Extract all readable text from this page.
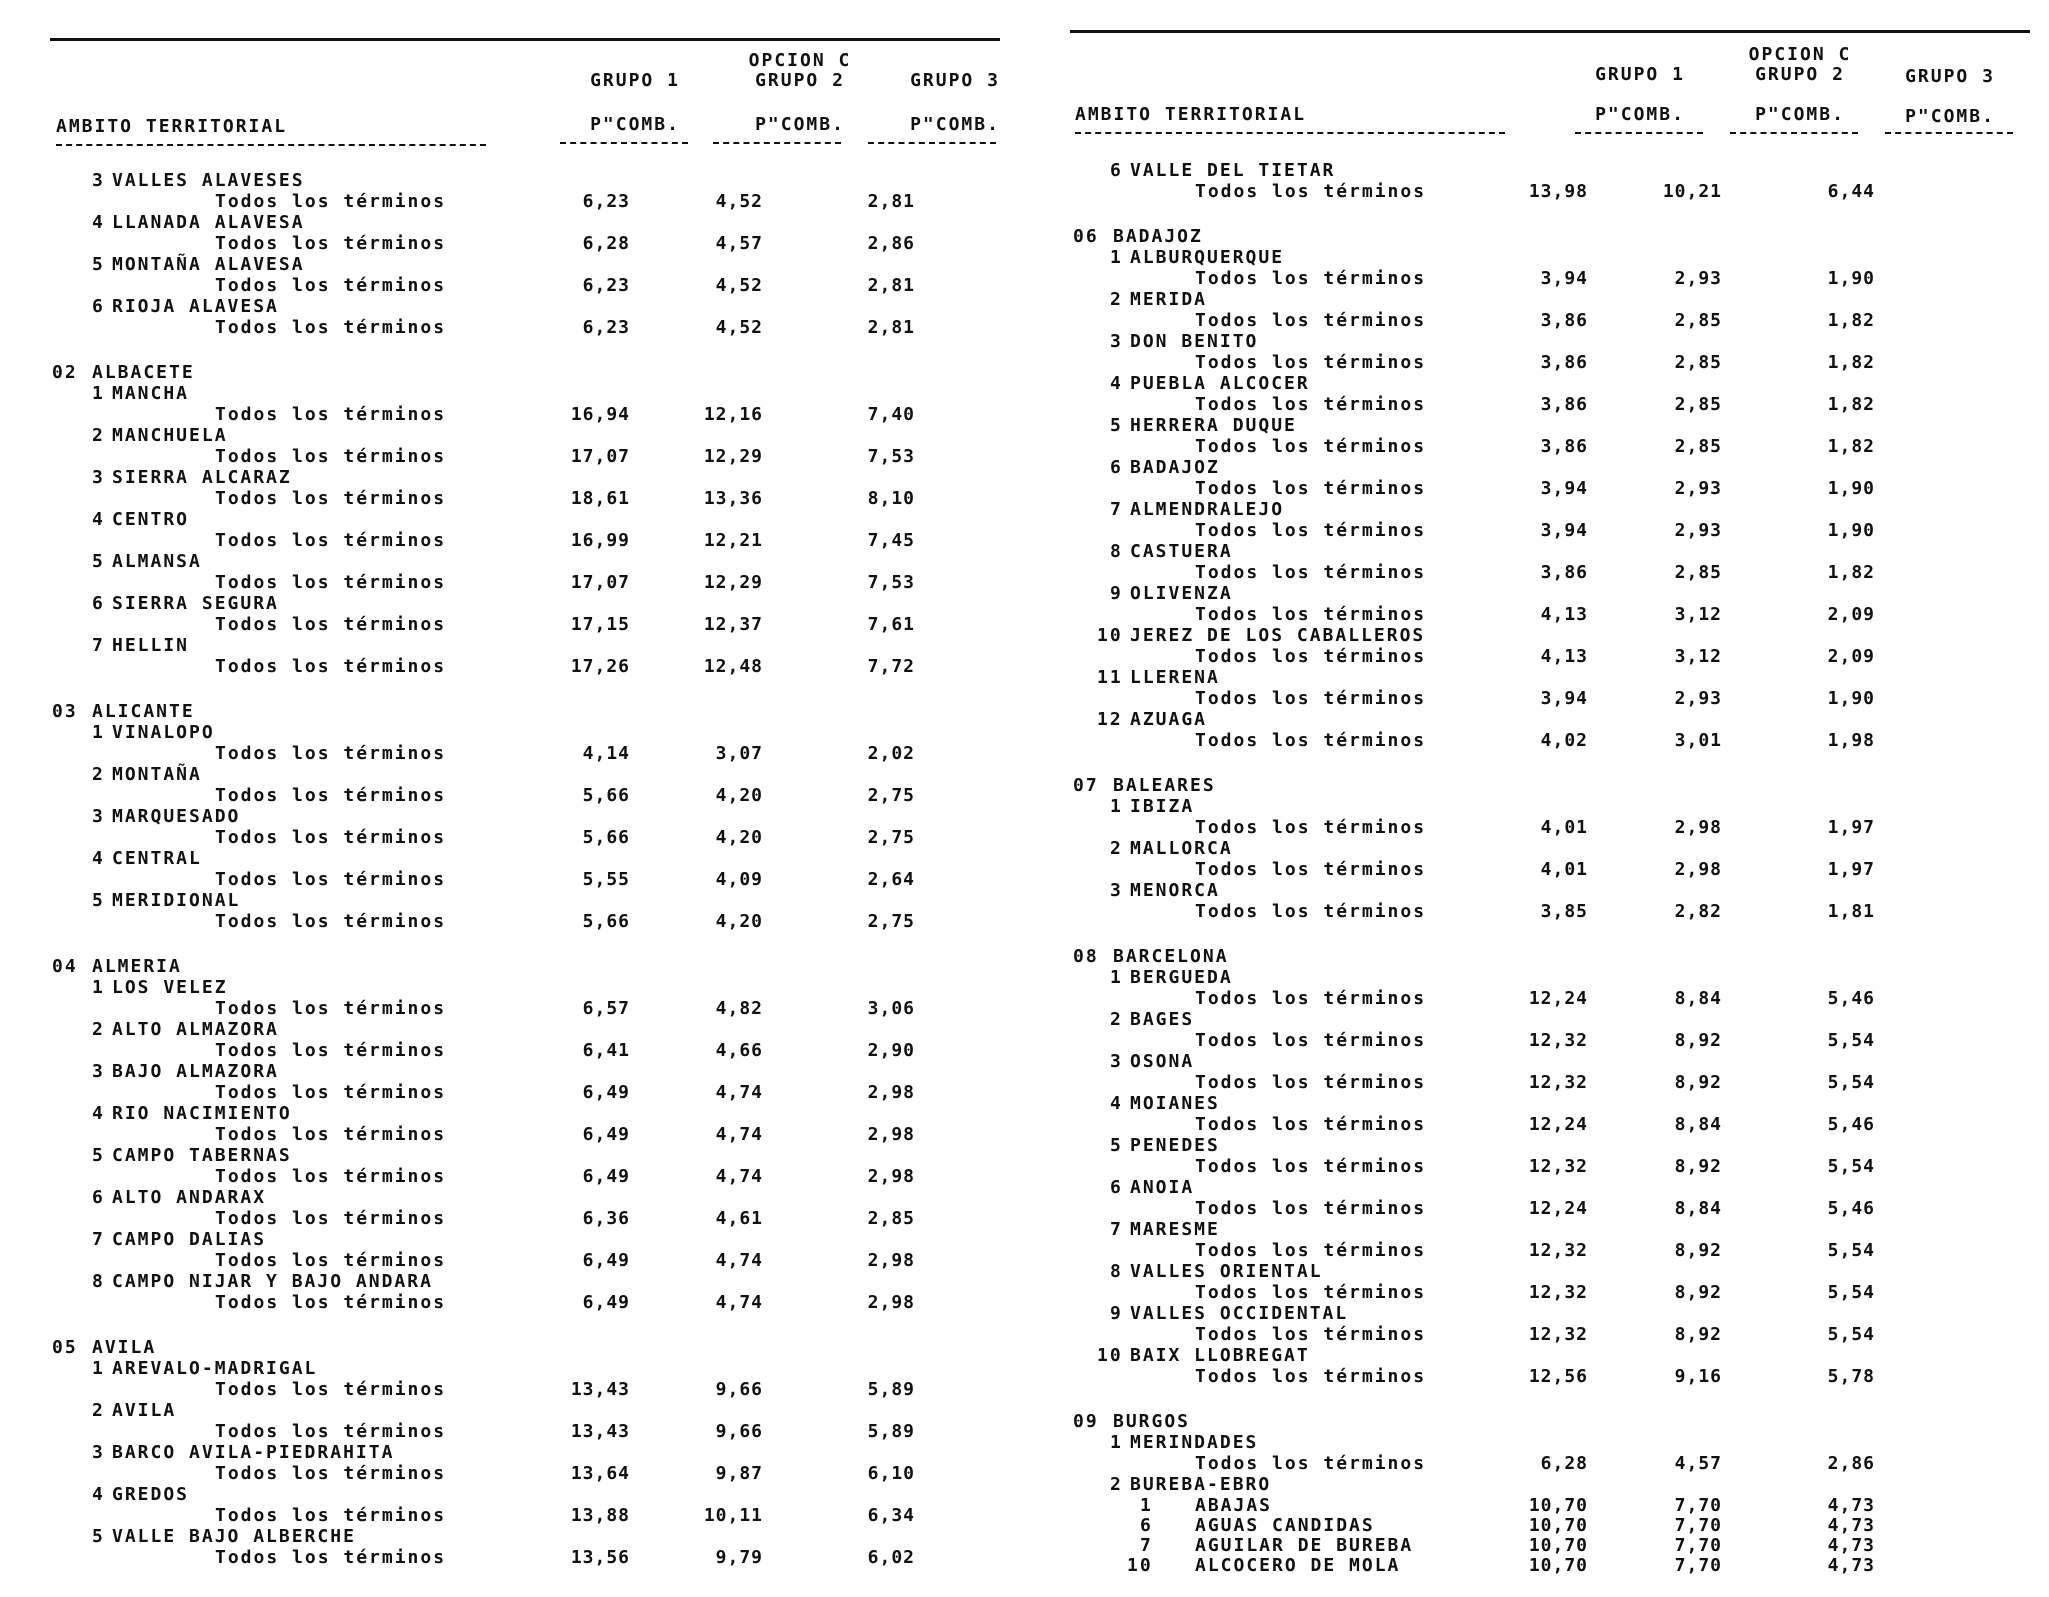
OPCION C
GRUPO 1	GRUPO 2	GRUPO 3
AMBITO TERRITORIAL	P"COMB.	P"COMB.	P"COMB.
3 VALLES ALAVESES
Todos los términos	6,23	4,52	2,81
4 LLANADA ALAVESA
Todos los términos	6,28	4,57	2,86
5 MONTAÑA ALAVESA
Todos los términos	6,23	4,52	2,81
6 RIOJA ALAVESA
Todos los términos	6,23	4,52	2,81
02 ALBACETE
1 MANCHA
Todos los términos	16,94	12,16	7,40
2 MANCHUELA
Todos los términos	17,07	12,29	7,53
3 SIERRA ALCARAZ
Todos los términos	18,61	13,36	8,10
4 CENTRO
Todos los términos	16,99	12,21	7,45
5 ALMANSA
Todos los términos	17,07	12,29	7,53
6 SIERRA SEGURA
Todos los términos	17,15	12,37	7,61
7 HELLIN
Todos los términos	17,26	12,48	7,72
03 ALICANTE
1 VINALOPO
Todos los términos	4,14	3,07	2,02
2 MONTAÑA
Todos los términos	5,66	4,20	2,75
3 MARQUESADO
Todos los términos	5,66	4,20	2,75
4 CENTRAL
Todos los términos	5,55	4,09	2,64
5 MERIDIONAL
Todos los términos	5,66	4,20	2,75
04 ALMERIA
1 LOS VELEZ
Todos los términos	6,57	4,82	3,06
2 ALTO ALMAZORA
Todos los términos	6,41	4,66	2,90
3 BAJO ALMAZORA
Todos los términos	6,49	4,74	2,98
4 RIO NACIMIENTO
Todos los términos	6,49	4,74	2,98
5 CAMPO TABERNAS
Todos los términos	6,49	4,74	2,98
6 ALTO ANDARAX
Todos los términos	6,36	4,61	2,85
7 CAMPO DALIAS
Todos los términos	6,49	4,74	2,98
8 CAMPO NIJAR Y BAJO ANDARA
Todos los términos	6,49	4,74	2,98
05 AVILA
1 AREVALO-MADRIGAL
Todos los términos	13,43	9,66	5,89
2 AVILA
Todos los términos	13,43	9,66	5,89
3 BARCO AVILA-PIEDRAHITA
Todos los términos	13,64	9,87	6,10
4 GREDOS
Todos los términos	13,88	10,11	6,34
5 VALLE BAJO ALBERCHE
Todos los términos	13,56	9,79	6,02
OPCION C
GRUPO 1	GRUPO 2	GRUPO 3
AMBITO TERRITORIAL	P"COMB.	P"COMB.	P"COMB.
6 VALLE DEL TIETAR
Todos los términos	13,98	10,21	6,44
06 BADAJOZ
1 ALBURQUERQUE
Todos los términos	3,94	2,93	1,90
2 MERIDA
Todos los términos	3,86	2,85	1,82
3 DON BENITO
Todos los términos	3,86	2,85	1,82
4 PUEBLA ALCOCER
Todos los términos	3,86	2,85	1,82
5 HERRERA DUQUE
Todos los términos	3,86	2,85	1,82
6 BADAJOZ
Todos los términos	3,94	2,93	1,90
7 ALMENDRALEJO
Todos los términos	3,94	2,93	1,90
8 CASTUERA
Todos los términos	3,86	2,85	1,82
9 OLIVENZA
Todos los términos	4,13	3,12	2,09
10 JEREZ DE LOS CABALLEROS
Todos los términos	4,13	3,12	2,09
11 LLERENA
Todos los términos	3,94	2,93	1,90
12 AZUAGA
Todos los términos	4,02	3,01	1,98
07 BALEARES
1 IBIZA
Todos los términos	4,01	2,98	1,97
2 MALLORCA
Todos los términos	4,01	2,98	1,97
3 MENORCA
Todos los términos	3,85	2,82	1,81
08 BARCELONA
1 BERGUEDA
Todos los términos	12,24	8,84	5,46
2 BAGES
Todos los términos	12,32	8,92	5,54
3 OSONA
Todos los términos	12,32	8,92	5,54
4 MOIANES
Todos los términos	12,24	8,84	5,46
5 PENEDES
Todos los términos	12,32	8,92	5,54
6 ANOIA
Todos los términos	12,24	8,84	5,46
7 MARESME
Todos los términos	12,32	8,92	5,54
8 VALLES ORIENTAL
Todos los términos	12,32	8,92	5,54
9 VALLES OCCIDENTAL
Todos los términos	12,32	8,92	5,54
10 BAIX LLOBREGAT
Todos los términos	12,56	9,16	5,78
09 BURGOS
1 MERINDADES
Todos los términos	6,28	4,57	2,86
2 BUREBA-EBRO
1 ABAJAS	10,70	7,70	4,73
6 AGUAS CANDIDAS	10,70	7,70	4,73
7 AGUILAR DE BUREBA	10,70	7,70	4,73
10 ALCOCERO DE MOLA	10,70	7,70	4,73
